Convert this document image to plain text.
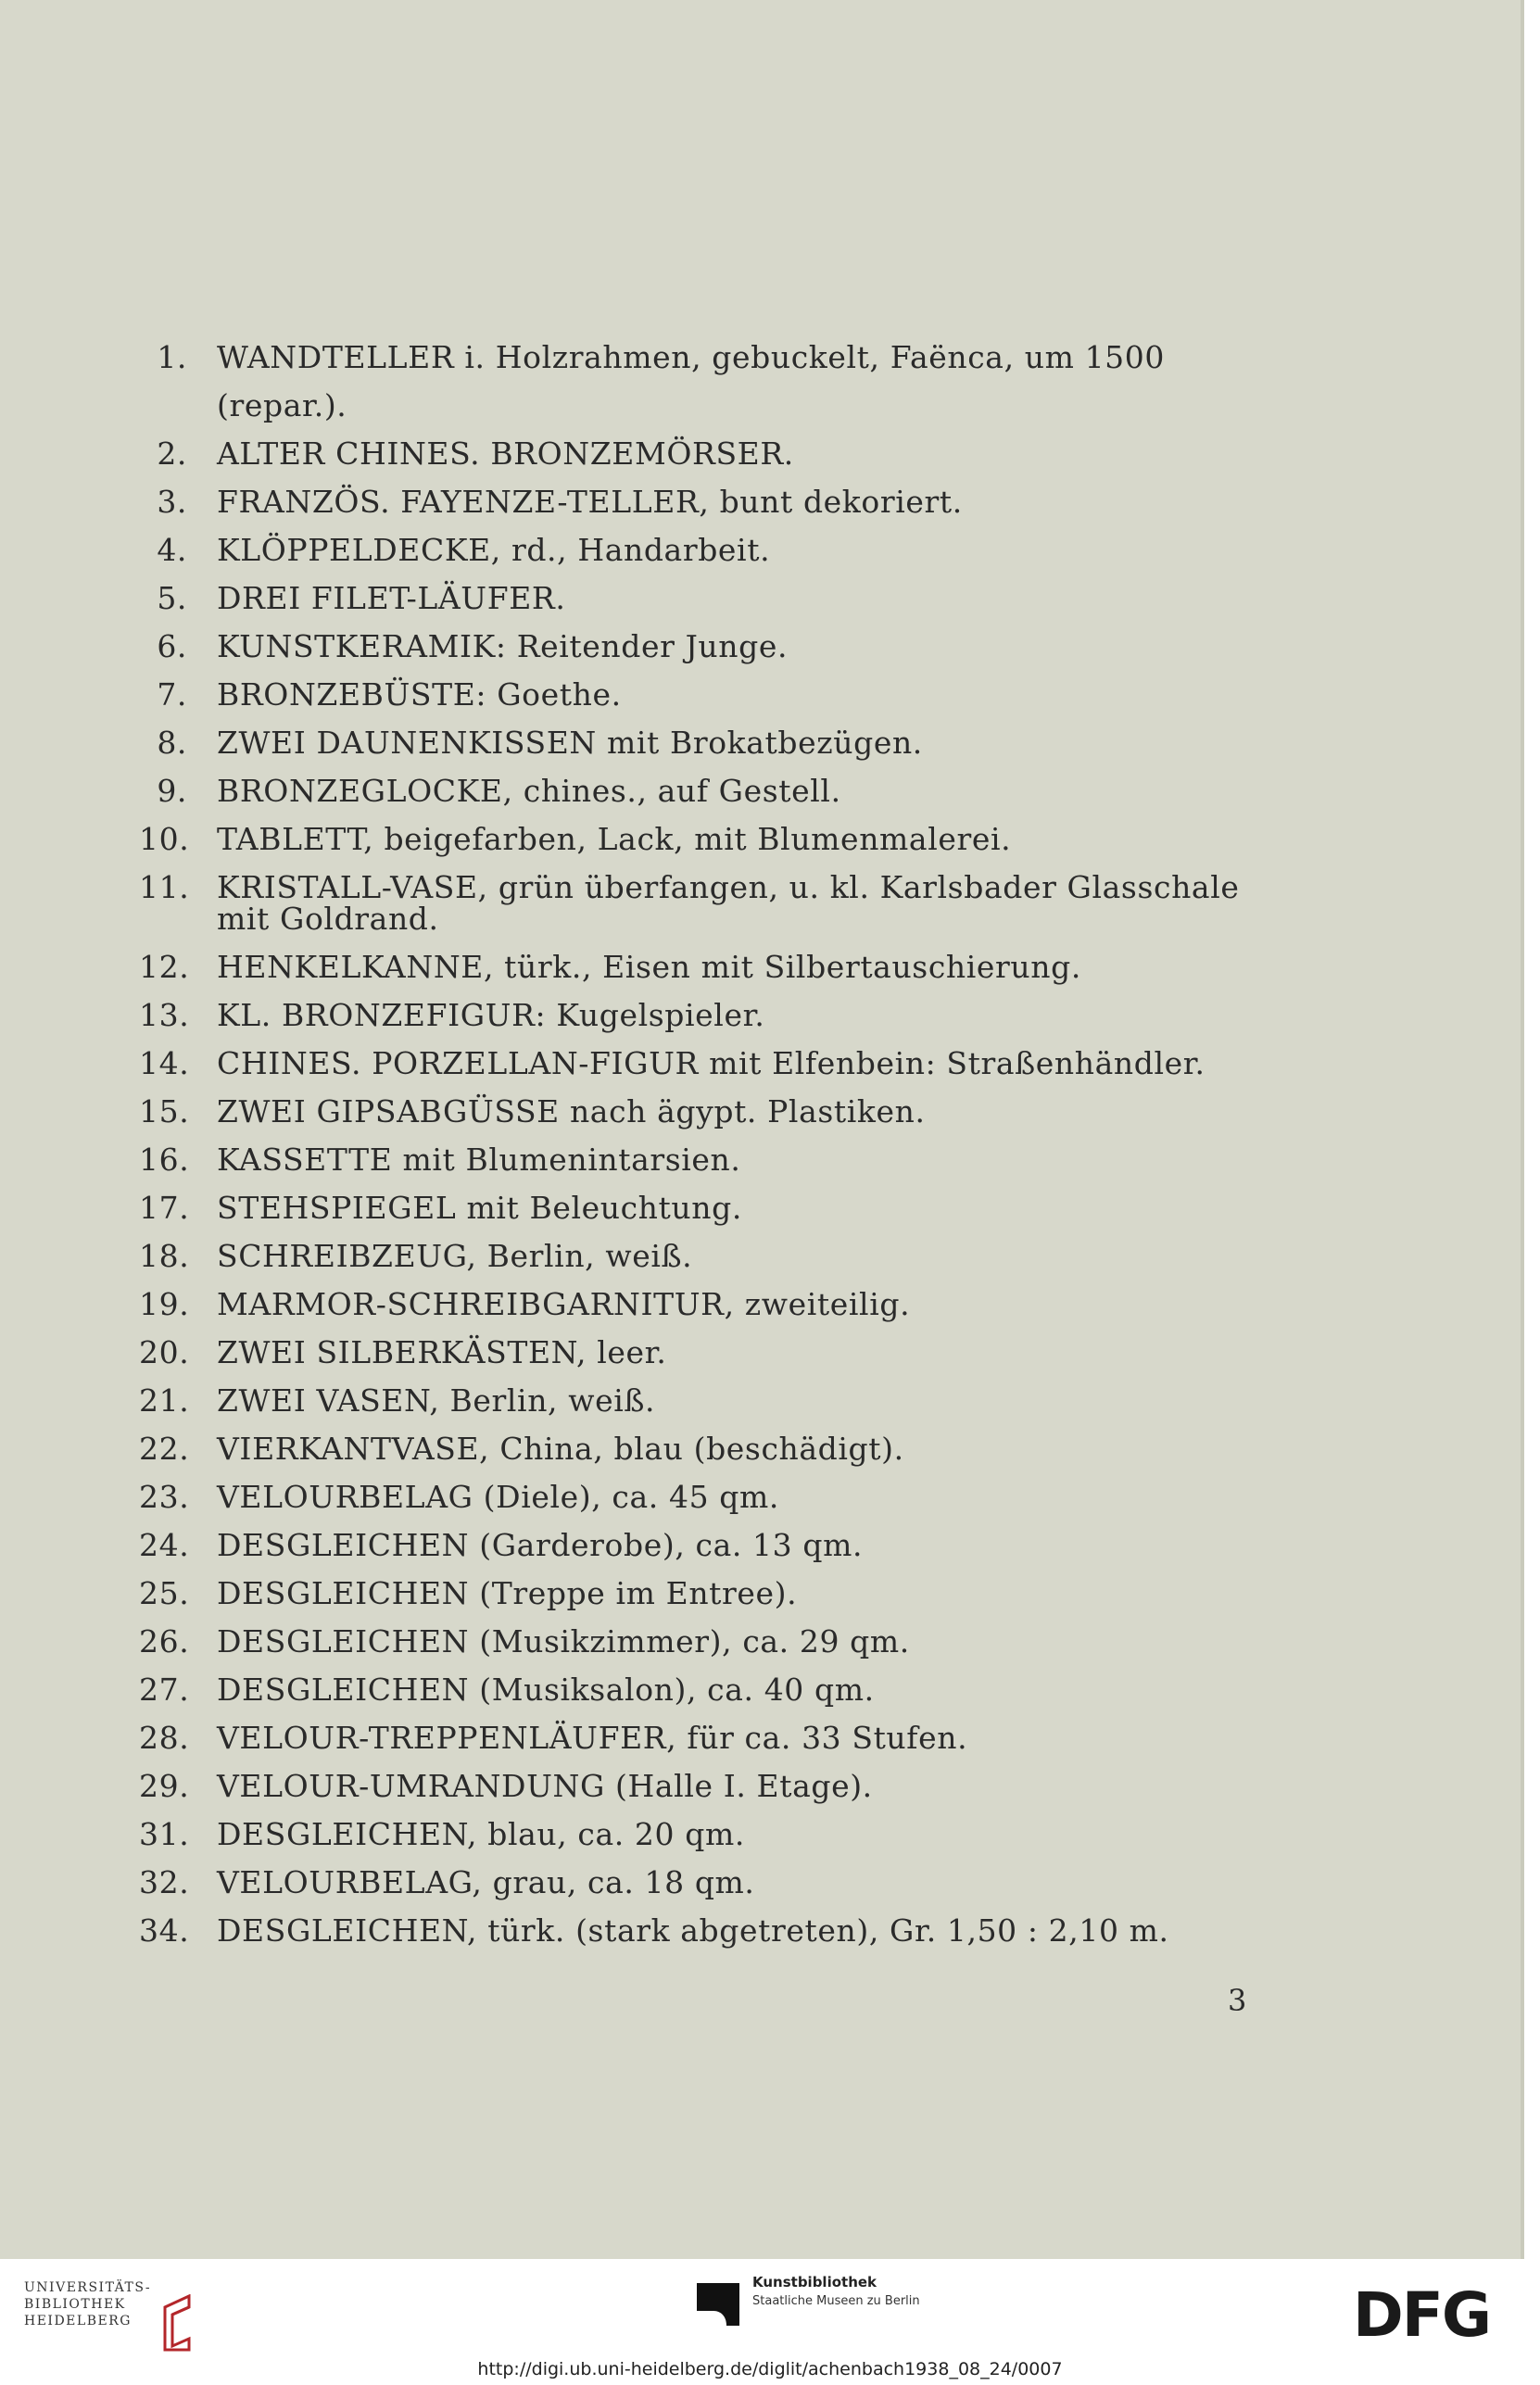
1. WANDTELLER i. Holzrahmen, gebuckelt, Faënca, um 1500 (repar.).
2. ALTER CHINES. BRONZEMÖRSER.
3. FRANZÖS. FAYENZE-TELLER, bunt dekoriert.
4. KLÖPPELDECKE, rd., Handarbeit.
5. DREI FILET-LÄUFER.
6. KUNSTKERAMIK: Reitender Junge.
7. BRONZEBÜSTE: Goethe.
8. ZWEI DAUNENKISSEN mit Brokatbezügen.
9. BRONZEGLOCKE, chines., auf Gestell.
10. TABLETT, beigefarben, Lack, mit Blumenmalerei.
11. KRISTALL-VASE, grün überfangen, u. kl. Karlsbader Glasschale mit Goldrand.
12. HENKELKANNE, türk., Eisen mit Silbertauschierung.
13. KL. BRONZEFIGUR: Kugelspieler.
14. CHINES. PORZELLAN-FIGUR mit Elfenbein: Straßenhändler.
15. ZWEI GIPSABGÜSSE nach ägypt. Plastiken.
16. KASSETTE mit Blumenintarsien.
17. STEHSPIEGEL mit Beleuchtung.
18. SCHREIBZEUG, Berlin, weiß.
19. MARMOR-SCHREIBGARNITUR, zweiteilig.
20. ZWEI SILBERKÄSTEN, leer.
21. ZWEI VASEN, Berlin, weiß.
22. VIERKANTVASE, China, blau (beschädigt).
23. VELOURBELAG (Diele), ca. 45 qm.
24. DESGLEICHEN (Garderobe), ca. 13 qm.
25. DESGLEICHEN (Treppe im Entree).
26. DESGLEICHEN (Musikzimmer), ca. 29 qm.
27. DESGLEICHEN (Musiksalon), ca. 40 qm.
28. VELOUR-TREPPENLÄUFER, für ca. 33 Stufen.
29. VELOUR-UMRANDUNG (Halle I. Etage).
31. DESGLEICHEN, blau, ca. 20 qm.
32. VELOURBELAG, grau, ca. 18 qm.
34. DESGLEICHEN, türk. (stark abgetreten), Gr. 1,50 : 2,10 m.
3
UNIVERSITÄTS-
BIBLIOTHEK
HEIDELBERG
Kunstbibliothek
Staatliche Museen zu Berlin	DFG
http://digi.ub.uni-heidelberg.de/diglit/achenbach1938_08_24/0007
